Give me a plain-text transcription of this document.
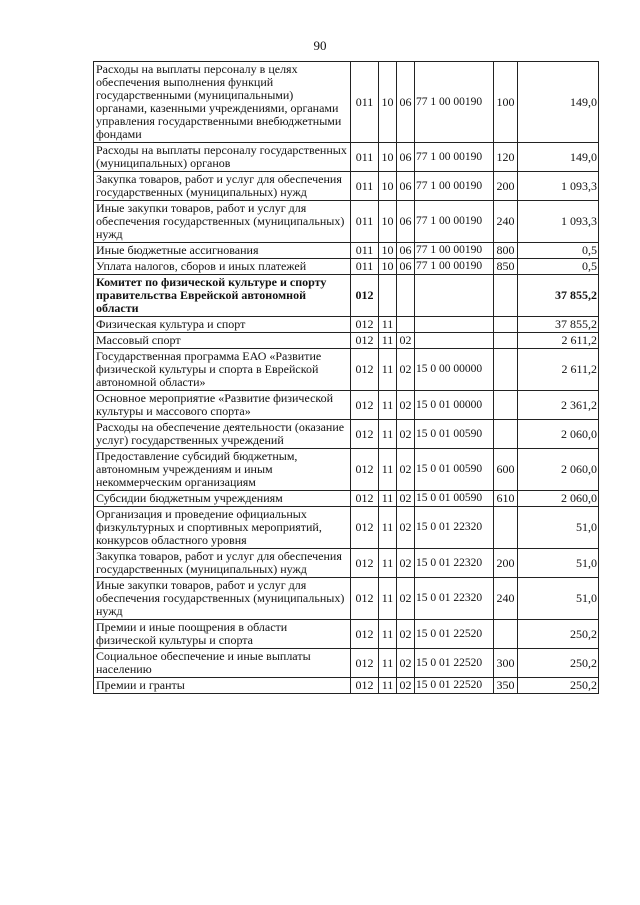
90
Расходы на выплаты персоналу в целях обеспечения выполнения функций государственными (муниципальными) органами, казенными учреждениями, органами управления государственными внебюджетными фондами	011	10	06	77 1 00 00190	100	149,0
Расходы на выплаты персоналу государственных (муниципальных) органов	011	10	06	77 1 00 00190	120	149,0
Закупка товаров, работ и услуг для обеспечения государственных (муниципальных) нужд	011	10	06	77 1 00 00190	200	1 093,3
Иные закупки товаров, работ и услуг для обеспечения государственных (муниципальных) нужд	011	10	06	77 1 00 00190	240	1 093,3
Иные бюджетные ассигнования	011	10	06	77 1 00 00190	800	0,5
Уплата налогов, сборов и иных платежей	011	10	06	77 1 00 00190	850	0,5
Комитет по физической культуре и спорту правительства Еврейской автономной области	012					37 855,2
Физическая культура и спорт	012	11				37 855,2
Массовый спорт	012	11	02			2 611,2
Государственная программа ЕАО «Развитие физической культуры и спорта в Еврейской автономной области»	012	11	02	15 0 00 00000		2 611,2
Основное мероприятие «Развитие физической культуры и массового спорта»	012	11	02	15 0 01 00000		2 361,2
Расходы на обеспечение деятельности (оказание услуг) государственных учреждений	012	11	02	15 0 01 00590		2 060,0
Предоставление субсидий бюджетным, автономным учреждениям и иным некоммерческим организациям	012	11	02	15 0 01 00590	600	2 060,0
Субсидии бюджетным учреждениям	012	11	02	15 0 01 00590	610	2 060,0
Организация и проведение официальных физкультурных и спортивных мероприятий, конкурсов областного уровня	012	11	02	15 0 01 22320		51,0
Закупка товаров, работ и услуг для обеспечения государственных (муниципальных) нужд	012	11	02	15 0 01 22320	200	51,0
Иные закупки товаров, работ и услуг для обеспечения государственных (муниципальных) нужд	012	11	02	15 0 01 22320	240	51,0
Премии и иные поощрения в области физической культуры и спорта	012	11	02	15 0 01 22520		250,2
Социальное обеспечение и иные выплаты населению	012	11	02	15 0 01 22520	300	250,2
Премии и гранты	012	11	02	15 0 01 22520	350	250,2
